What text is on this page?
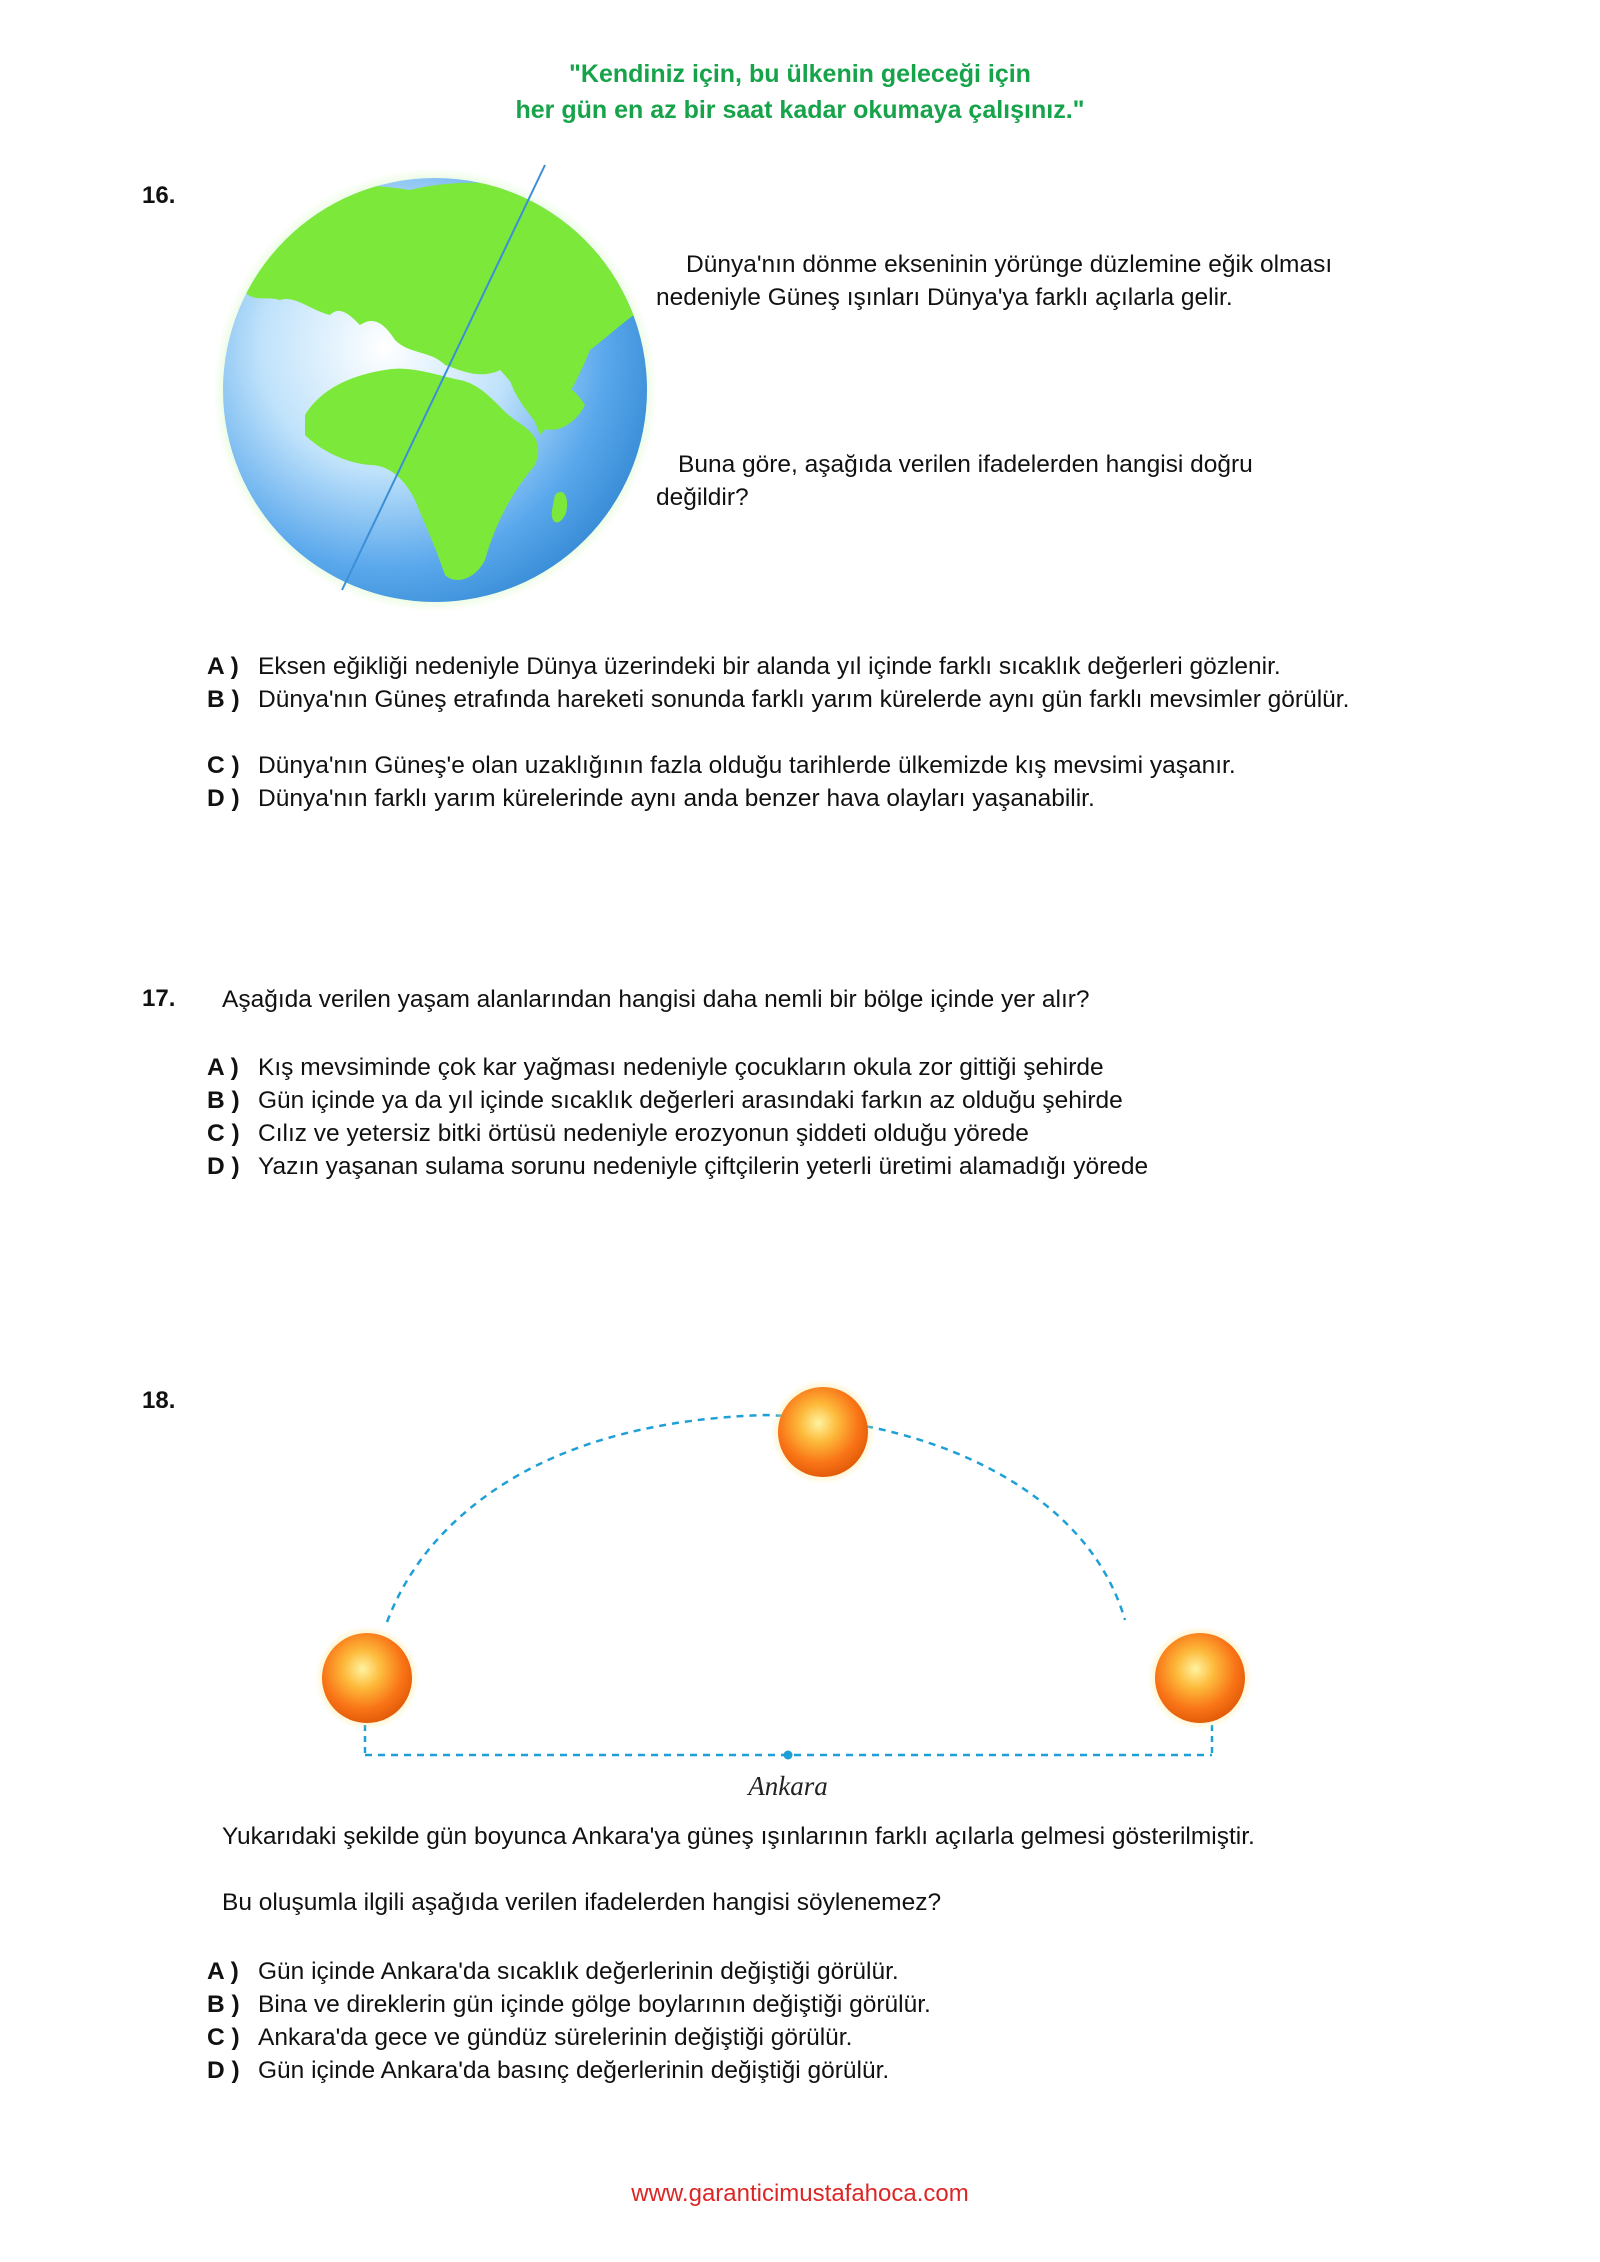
"Kendiniz için, bu ülkenin geleceği için
her gün en az bir saat kadar okumaya çalışınız."
16.
Dünya'nın dönme ekseninin yörünge düzlemine eğik olması
nedeniyle Güneş ışınları Dünya'ya farklı açılarla gelir.
Buna göre, aşağıda verilen ifadelerden hangisi doğru
değildir?
A ) Eksen eğikliği nedeniyle Dünya üzerindeki bir alanda yıl içinde farklı sıcaklık değerleri gözlenir.
B ) Dünya'nın Güneş etrafında hareketi sonunda farklı yarım kürelerde aynı gün farklı mevsimler görülür.
C ) Dünya'nın Güneş'e olan uzaklığının fazla olduğu tarihlerde ülkemizde kış mevsimi yaşanır.
D ) Dünya'nın farklı yarım kürelerinde aynı anda benzer hava olayları yaşanabilir.
17. Aşağıda verilen yaşam alanlarından hangisi daha nemli bir bölge içinde yer alır?
A ) Kış mevsiminde çok kar yağması nedeniyle çocukların okula zor gittiği şehirde
B ) Gün içinde ya da yıl içinde sıcaklık değerleri arasındaki farkın az olduğu şehirde
C ) Cılız ve yetersiz bitki örtüsü nedeniyle erozyonun şiddeti olduğu yörede
D ) Yazın yaşanan sulama sorunu nedeniyle çiftçilerin yeterli üretimi alamadığı yörede
18.
Ankara
Yukarıdaki şekilde gün boyunca Ankara'ya güneş ışınlarının farklı açılarla gelmesi gösterilmiştir.
Bu oluşumla ilgili aşağıda verilen ifadelerden hangisi söylenemez?
A ) Gün içinde Ankara'da sıcaklık değerlerinin değiştiği görülür.
B ) Bina ve direklerin gün içinde gölge boylarının değiştiği görülür.
C ) Ankara'da gece ve gündüz sürelerinin değiştiği görülür.
D ) Gün içinde Ankara'da basınç değerlerinin değiştiği görülür.
www.garanticimustafahoca.com
